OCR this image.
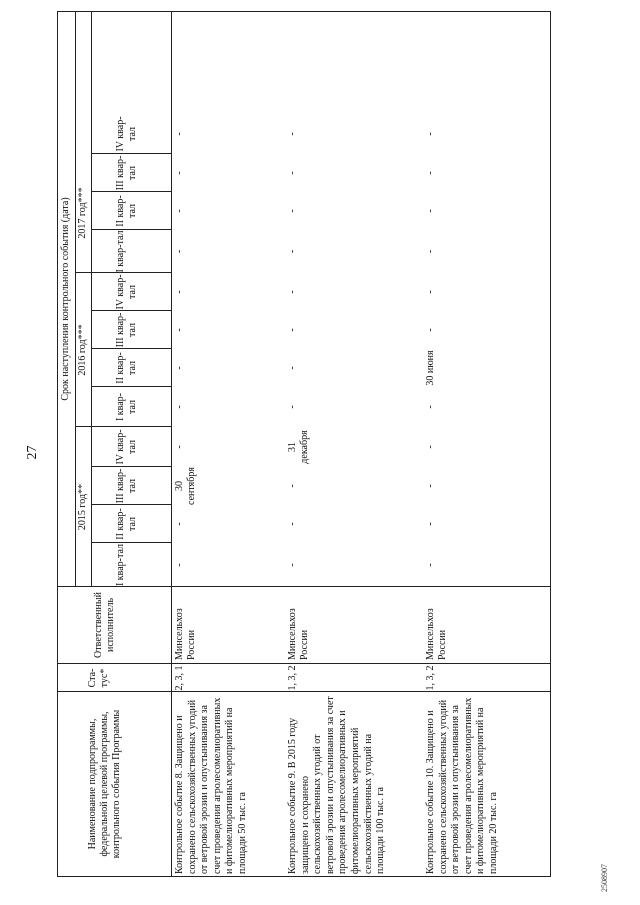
27
2508907
Наименование подпрограммы, федеральной целевой программы, контрольного события Программы
Ста-тус*
Ответственный исполнитель
Срок наступления контрольного события (дата)
2015 год**
2016 год***
2017 год***
I квар-тал
II квар-тал
III квар-тал
IV квар-тал
I квар-тал
II квар-тал
III квар-тал
IV квар-тал
I квар-тал
II квар-тал
III квар-тал
IV квар-тал
Контрольное событие 8. Защищено и сохранено сельскохозяйственных угодий от ветровой эрозии и опустынивания за счет проведения агролесомелиоративных и фитомелиоративных мероприятий на площади 50 тыс. га
2, 3, 1
Минсельхоз России
-
-
30 сентября
-
-
-
-
-
-
-
-
-
Контрольное событие 9. В 2015 году защищено и сохранено сельскохозяйственных угодий от ветровой эрозии и опустынивания за счет проведения агролесомелиоративных и фитомелиоративных мероприятий сельскохозяйственных угодий на площади 100 тыс. га
1, 3, 2
Минсельхоз России
-
-
-
31 декабря
-
-
-
-
-
-
-
-
Контрольное событие 10. Защищено и сохранено сельскохозяйственных угодий от ветровой эрозии и опустынивания за счет проведения агролесомелиоративных и фитомелиоративных мероприятий на площади 20 тыс. га
1, 3, 2
Минсельхоз России
-
-
-
-
-
30 июня
-
-
-
-
-
-
